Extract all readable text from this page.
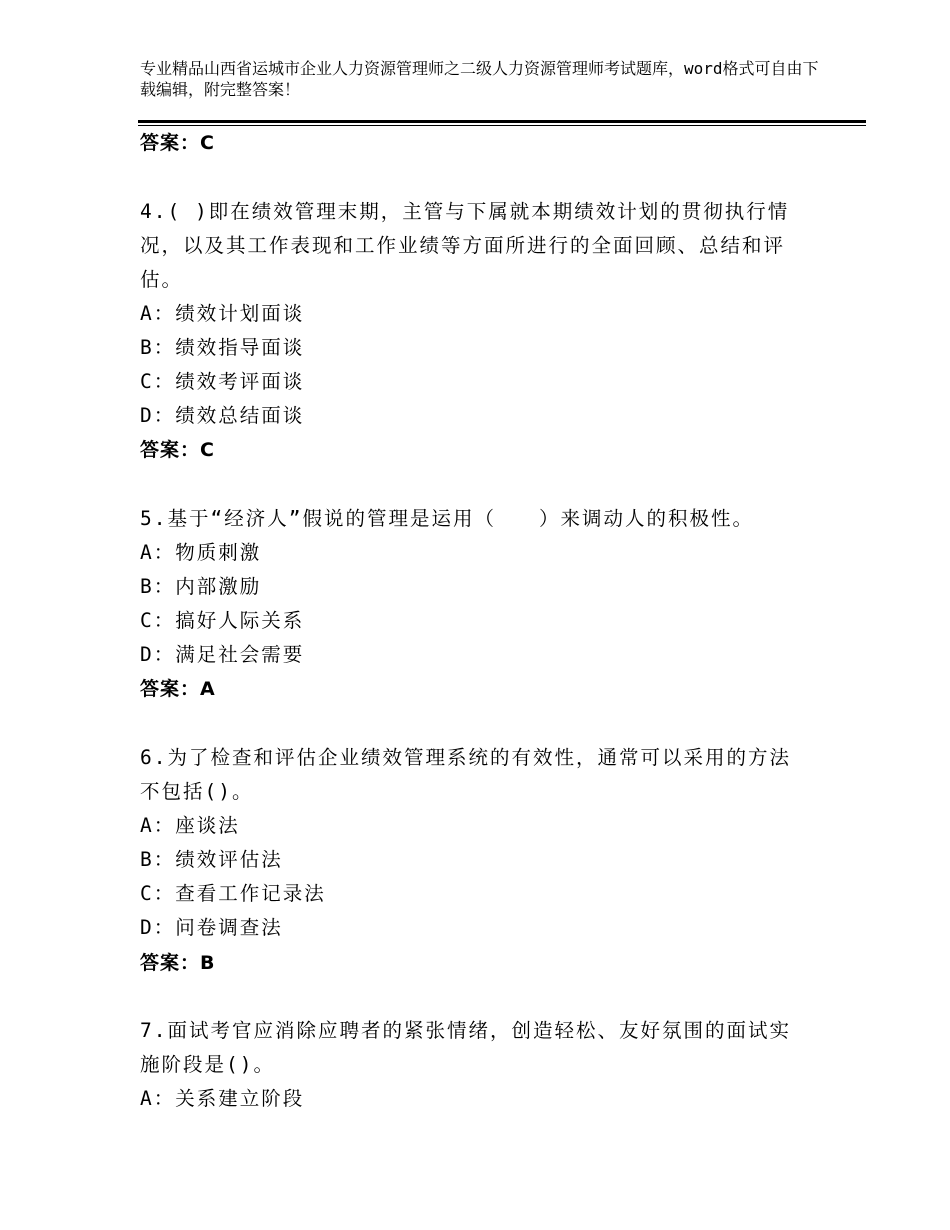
专业精品山西省运城市企业人力资源管理师之二级人力资源管理师考试题库，word格式可自由下载编辑，附完整答案！
答案：C
4.( )即在绩效管理末期，主管与下属就本期绩效计划的贯彻执行情
况，以及其工作表现和工作业绩等方面所进行的全面回顾、总结和评
估。
A：绩效计划面谈
B：绩效指导面谈
C：绩效考评面谈
D：绩效总结面谈
答案：C
5.基于“经济人”假说的管理是运用（　　）来调动人的积极性。
A：物质刺激
B：内部激励
C：搞好人际关系
D：满足社会需要
答案：A
6.为了检查和评估企业绩效管理系统的有效性，通常可以采用的方法
不包括()。
A：座谈法
B：绩效评估法
C：查看工作记录法
D：问卷调查法
答案：B
7.面试考官应消除应聘者的紧张情绪，创造轻松、友好氛围的面试实
施阶段是()。
A：关系建立阶段
